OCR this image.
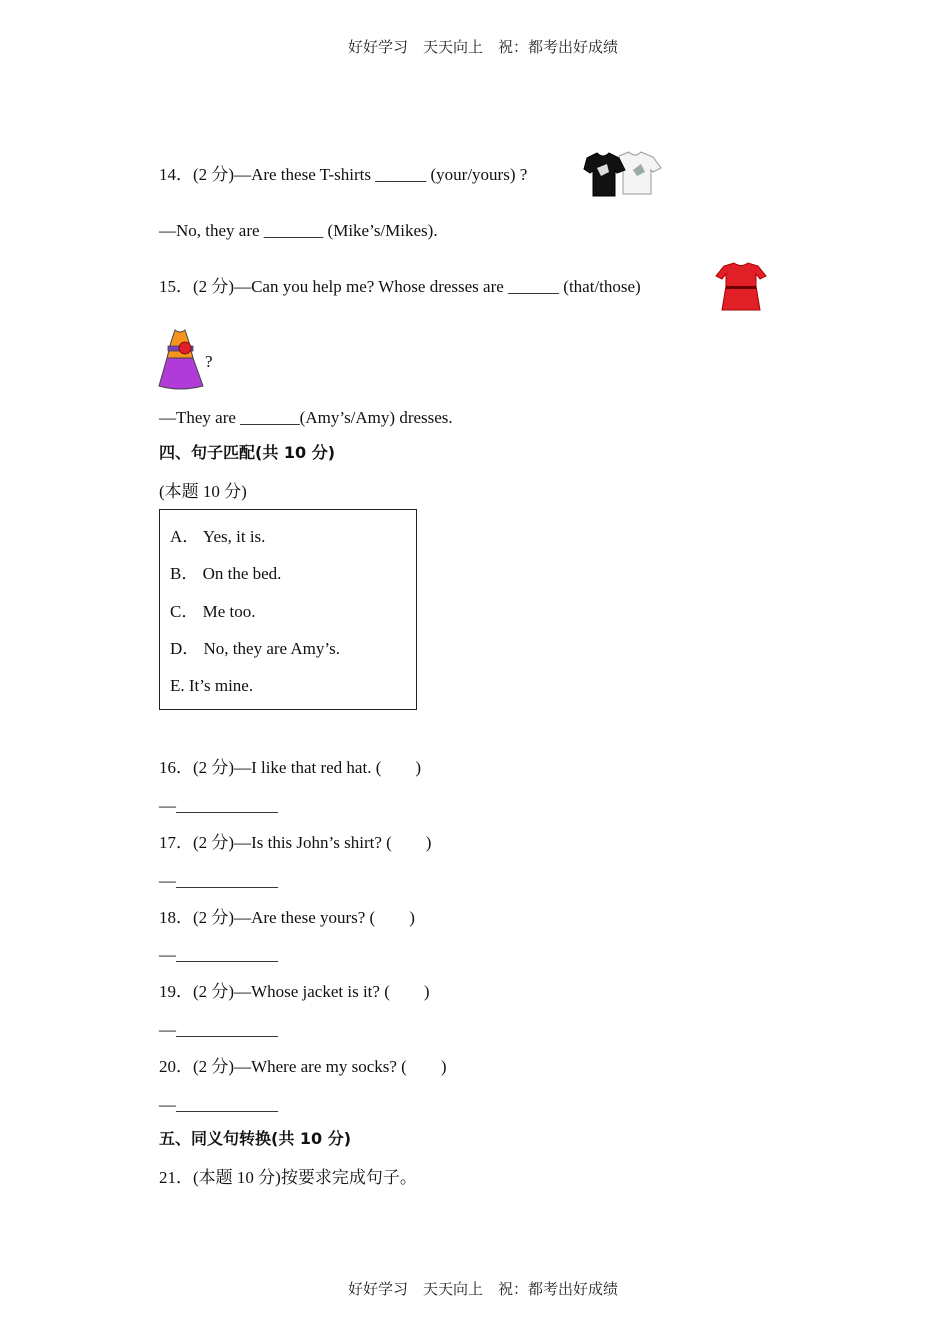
好好学习　天天向上　祝：都考出好成绩
14．(2 分)—Are these T-shirts ______ (your/yours) ?
—No, they are _______ (Mike’s/Mikes).
15．(2 分)—Can you help me? Whose dresses are ______ (that/those)
?
—They are _______(Amy’s/Amy) dresses.
四、句子匹配(共 10 分)
(本题 10 分)
A． Yes, it is.
B． On the bed.
C． Me too.
D． No, they are Amy’s.
E. It’s mine.
16．(2 分)—I like that red hat. (　　)
—____________
17．(2 分)—Is this John’s shirt? (　　)
—____________
18．(2 分)—Are these yours? (　　)
—____________
19．(2 分)—Whose jacket is it? (　　)
—____________
20．(2 分)—Where are my socks? (　　)
—____________
五、同义句转换(共 10 分)
21．(本题 10 分)按要求完成句子。
好好学习　天天向上　祝：都考出好成绩
